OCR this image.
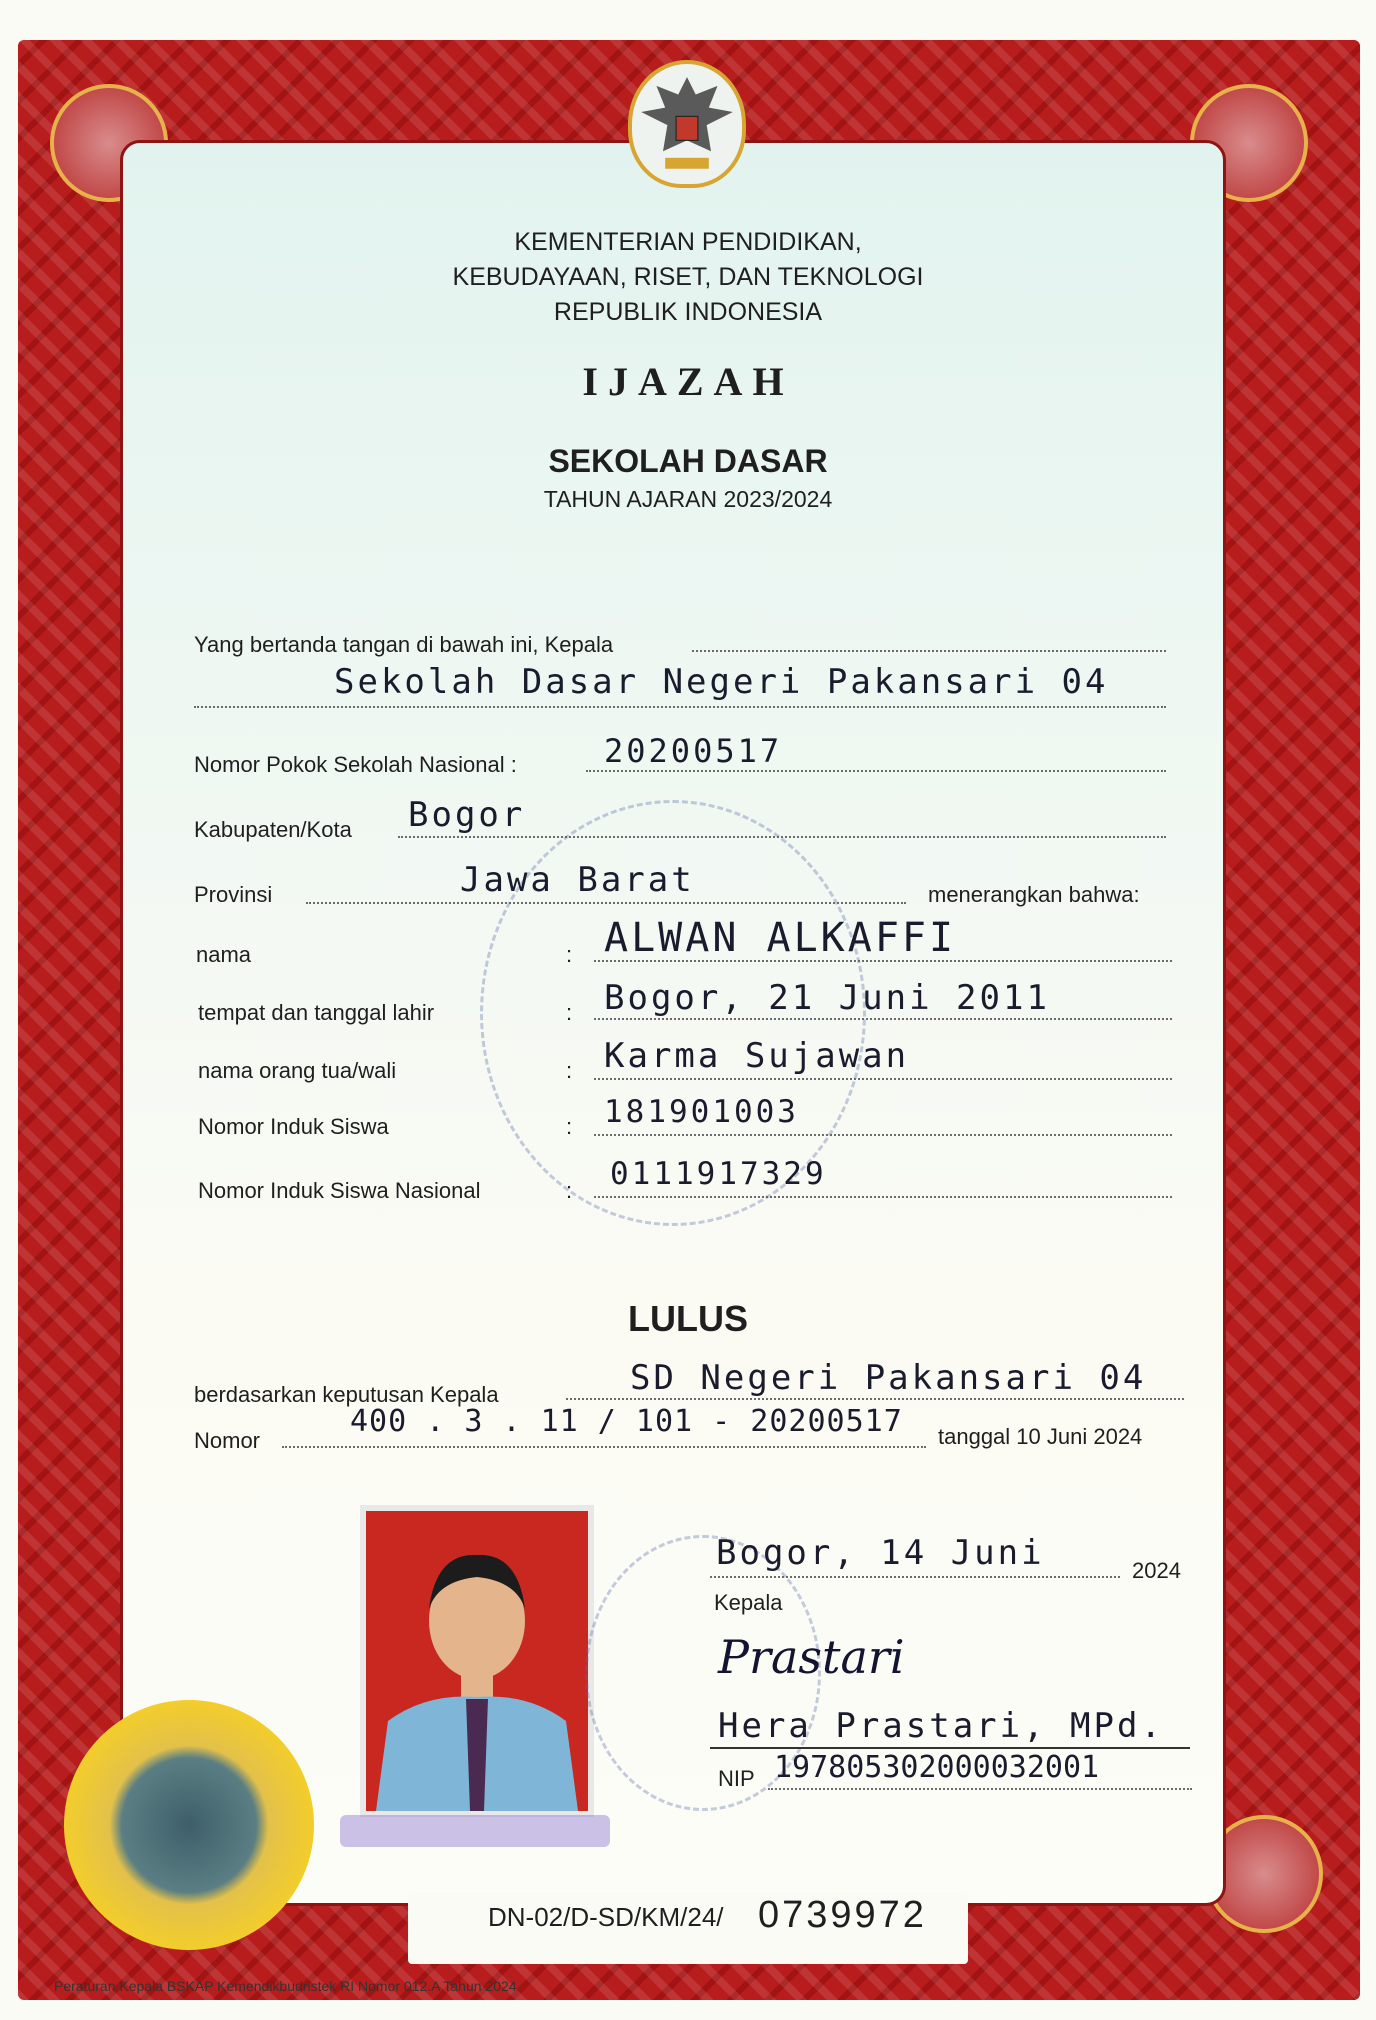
KEMENTERIAN PENDIDIKAN,
KEBUDAYAAN, RISET, DAN TEKNOLOGI
REPUBLIK INDONESIA
IJAZAH
SEKOLAH DASAR
TAHUN AJARAN 2023/2024
Yang bertanda tangan di bawah ini, Kepala
Sekolah Dasar Negeri Pakansari 04
Nomor Pokok Sekolah Nasional :	20200517
Kabupaten/Kota Bogor
Provinsi	Jawa Barat	menerangkan bahwa:
nama	: ALWAN ALKAFFI
tempat dan tanggal lahir	: Bogor, 21 Juni 2011
nama orang tua/wali	: Karma Sujawan
Nomor Induk Siswa	: 181901003
Nomor Induk Siswa Nasional	: 0111917329
LULUS
berdasarkan keputusan Kepala	SD Negeri Pakansari 04
Nomor
400 . 3 . 11 / 101 - 20200517 tanggal 10 Juni 2024
Bogor, 14 Juni	2024
Kepala
Prastari
Hera Prastari, MPd.
NIP 197805302000032001
DN-02/D-SD/KM/24/ 0739972
Peraturan Kepala BSKAP Kemendikbudristek RI Nomor 012.A Tahun 2024
